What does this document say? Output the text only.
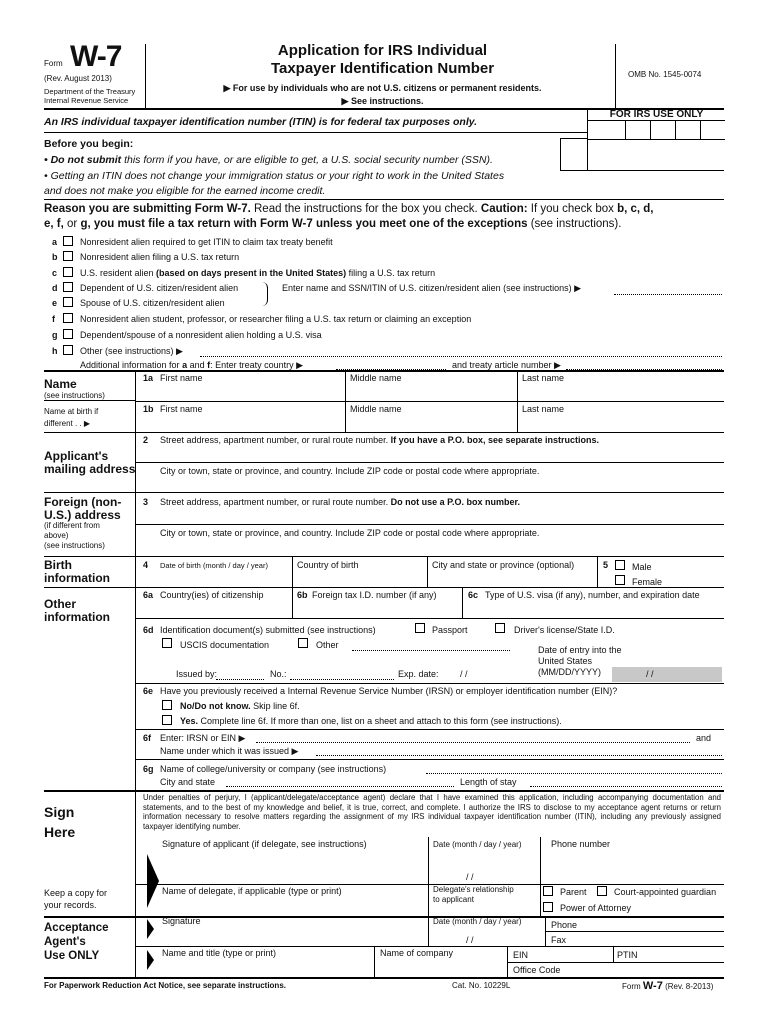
Form W-7
(Rev. August 2013)
Department of the Treasury
Internal Revenue Service
Application for IRS Individual
Taxpayer Identification Number
▶ For use by individuals who are not U.S. citizens or permanent residents.
▶ See instructions.
OMB No. 1545-0074
FOR IRS USE ONLY
An IRS individual taxpayer identification number (ITIN) is for federal tax purposes only.
Before you begin:
• Do not submit this form if you have, or are eligible to get, a U.S. social security number (SSN).
• Getting an ITIN does not change your immigration status or your right to work in the United States
and does not make you eligible for the earned income credit.
Reason you are submitting Form W-7. Read the instructions for the box you check. Caution: If you check box b, c, d,
e, f, or g, you must file a tax return with Form W-7 unless you meet one of the exceptions (see instructions).
a	Nonresident alien required to get ITIN to claim tax treaty benefit
b	Nonresident alien filing a U.S. tax return
c	U.S. resident alien (based on days present in the United States) filing a U.S. tax return
d	Dependent of U.S. citizen/resident alien
e	Spouse of U.S. citizen/resident alien
Enter name and SSN/ITIN of U.S. citizen/resident alien (see instructions) ▶
f	Nonresident alien student, professor, or researcher filing a U.S. tax return or claiming an exception
g	Dependent/spouse of a nonresident alien holding a U.S. visa
h	Other (see instructions) ▶
Additional information for a and f: Enter treaty country ▶	and treaty article number ▶
Name
(see instructions)
Name at birth if
different . . ▶
1a First name	Middle name	Last name
1b First name	Middle name	Last name
Applicant's
mailing address
2 Street address, apartment number, or rural route number. If you have a P.O. box, see separate instructions.
City or town, state or province, and country. Include ZIP code or postal code where appropriate.
Foreign (non-
U.S.) address
(if different from
above)
(see instructions)
3 Street address, apartment number, or rural route number. Do not use a P.O. box number.
City or town, state or province, and country. Include ZIP code or postal code where appropriate.
Birth
information
4 Date of birth (month / day / year)	Country of birth	City and state or province (optional)	5	Male
Female
Other
information
6a Country(ies) of citizenship	6b Foreign tax I.D. number (if any)	6c Type of U.S. visa (if any), number, and expiration date
6d Identification document(s) submitted (see instructions)	Passport	Driver's license/State I.D.
USCIS documentation	Other	Date of entry into the
United States
(MM/DD/YYYY)	/ /
Issued by:	No.:	Exp. date: / /
6e Have you previously received a Internal Revenue Service Number (IRSN) or employer identification number (EIN)?
No/Do not know. Skip line 6f.
Yes. Complete line 6f. If more than one, list on a sheet and attach to this form (see instructions).
6f Enter: IRSN or EIN ▶	and
Name under which it was issued ▶
6g Name of college/university or company (see instructions)
City and state	Length of stay
Sign
Here
Keep a copy for
your records.
Under penalties of perjury, I (applicant/delegate/acceptance agent) declare that I have examined this application, including accompanying documentation and statements, and to the best of my knowledge and belief, it is true, correct, and complete. I authorize the IRS to disclose to my acceptance agent returns or return information necessary to resolve matters regarding the assignment of my IRS individual taxpayer identification number (ITIN), including any previously assigned taxpayer identifying number.
Signature of applicant (if delegate, see instructions)	Date (month / day / year)
/ /
Phone number
Name of delegate, if applicable (type or print)	Delegate's relationship
to applicant
Parent	Court-appointed guardian
Power of Attorney
Acceptance
Agent's
Use ONLY
Signature	Date (month / day / year)
/ /
Phone
Fax
Name and title (type or print)	Name of company	EIN	PTIN
Office Code
For Paperwork Reduction Act Notice, see separate instructions.	Cat. No. 10229L	Form W-7 (Rev. 8-2013)
